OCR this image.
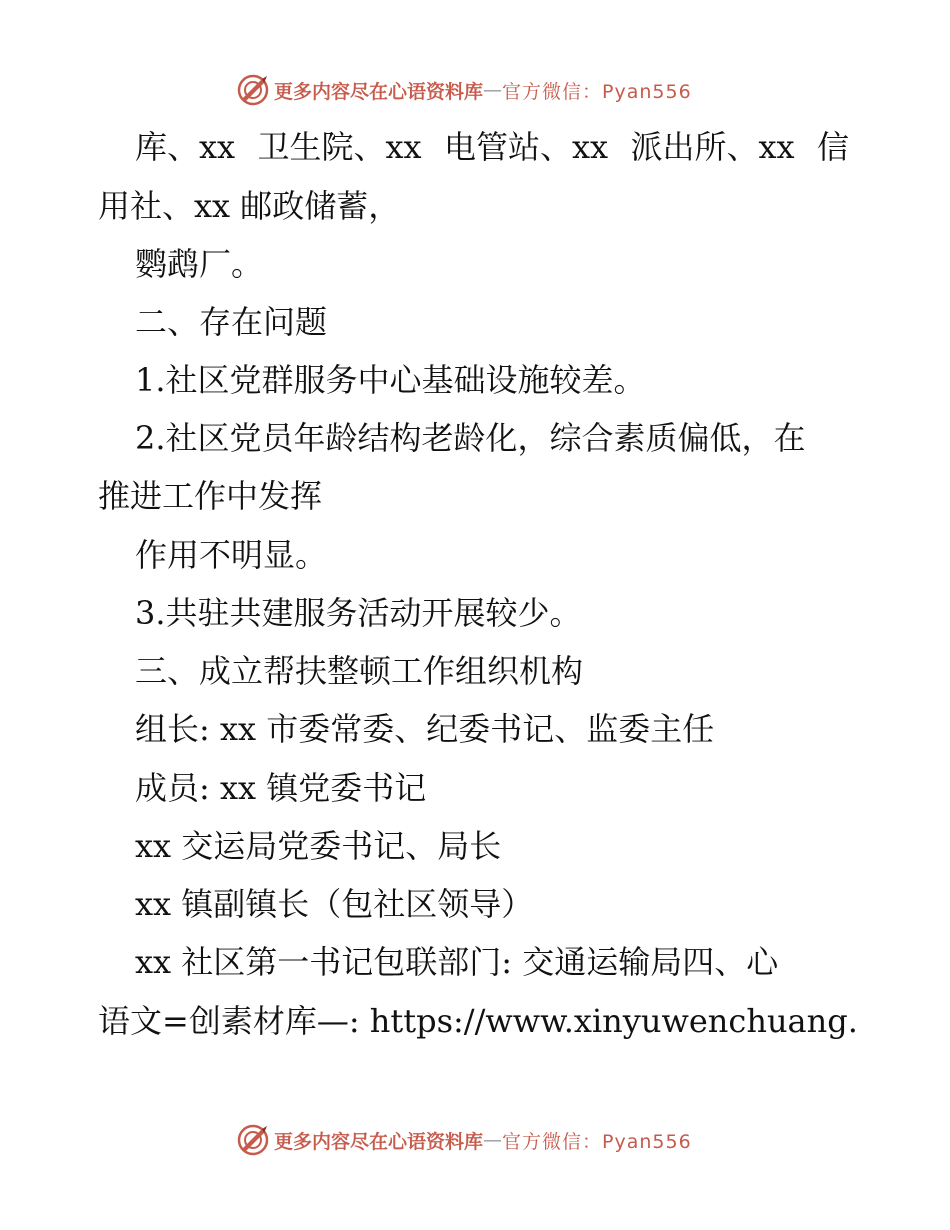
更多内容尽在心语资料库 — 官方微信：Pyan556
库、xx 卫生院、xx 电管站、xx 派出所、xx 信
用社、xx 邮政储蓄，
鹦鹉厂。
二、存在问题
1.社区党群服务中心基础设施较差。
2.社区党员年龄结构老龄化，综合素质偏低，在
推进工作中发挥
作用不明显。
3.共驻共建服务活动开展较少。
三、成立帮扶整顿工作组织机构
组长: xx 市委常委、纪委书记、监委主任
成员: xx 镇党委书记
xx 交运局党委书记、局长
xx 镇副镇长（包社区领导）
xx 社区第一书记包联部门: 交通运输局四、心
语文=创素材库—: https://www.xinyuwenchuang.
更多内容尽在心语资料库 — 官方微信：Pyan556
